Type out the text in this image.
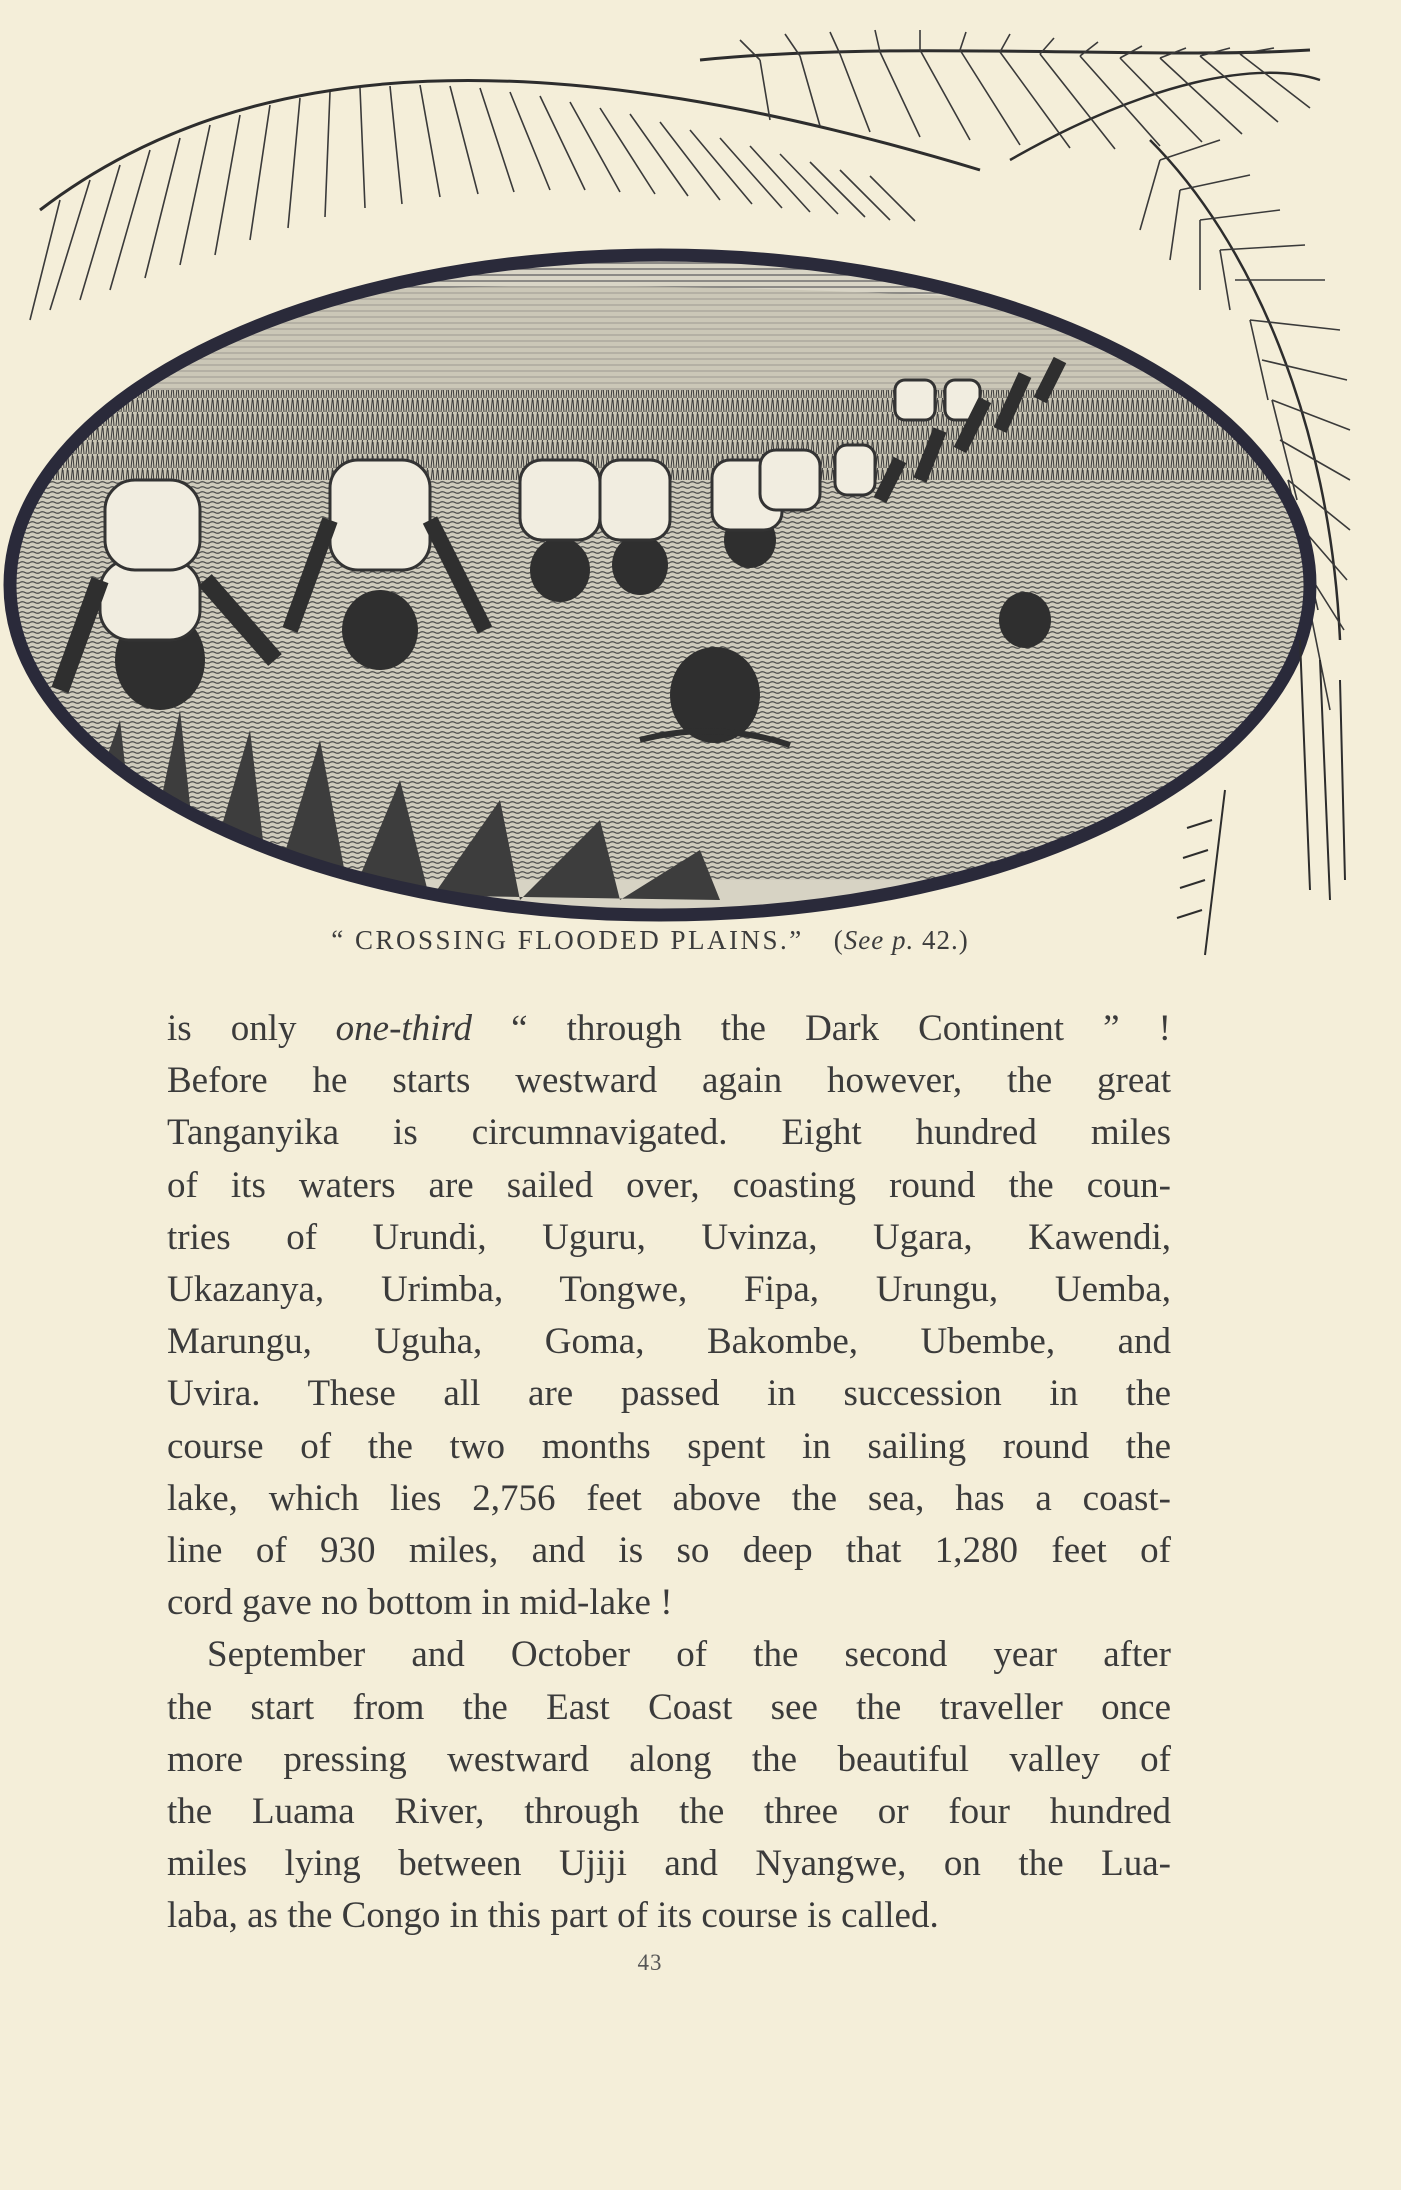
“ CROSSING FLOODED PLAINS.” (See p. 42.)

is only one-third “ through the Dark Continent ” !
Before he starts westward again however, the great
Tanganyika is circumnavigated. Eight hundred miles
of its waters are sailed over, coasting round the coun-
tries of Urundi, Uguru, Uvinza, Ugara, Kawendi,
Ukazanya, Urimba, Tongwe, Fipa, Urungu, Uemba,
Marungu, Uguha, Goma, Bakombe, Ubembe, and
Uvira. These all are passed in succession in the
course of the two months spent in sailing round the
lake, which lies 2,756 feet above the sea, has a coast-
line of 930 miles, and is so deep that 1,280 feet of
cord gave no bottom in mid-lake !

September and October of the second year after
the start from the East Coast see the traveller once
more pressing westward along the beautiful valley of
the Luama River, through the three or four hundred
miles lying between Ujiji and Nyangwe, on the Lua-
laba, as the Congo in this part of its course is called.

43
